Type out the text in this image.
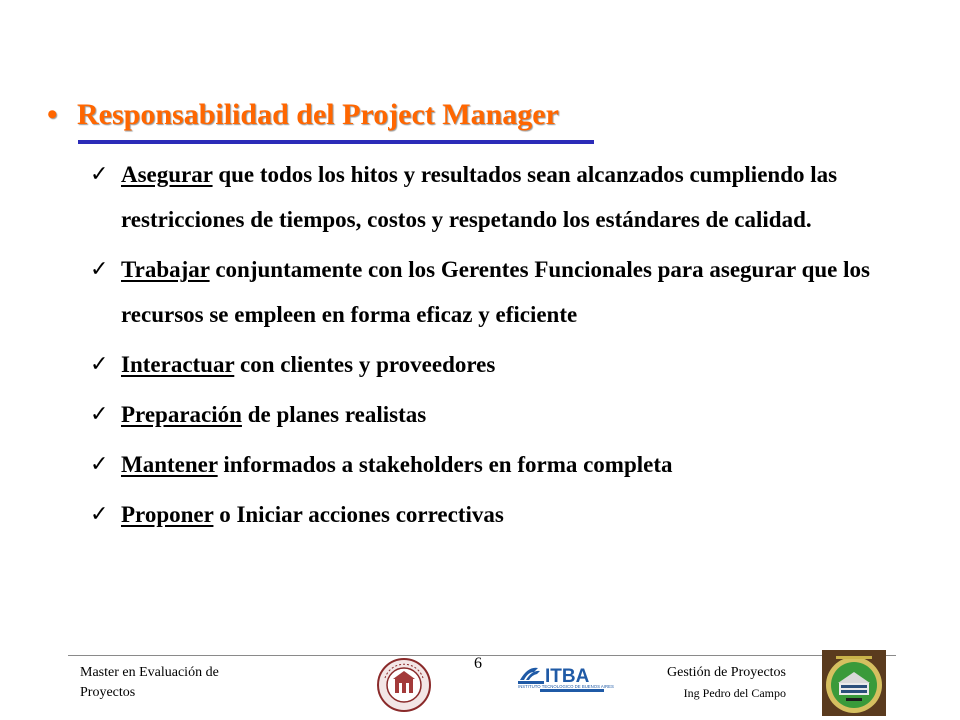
• Responsabilidad del Project Manager
✓ Asegurar que todos los hitos y resultados sean alcanzados cumpliendo las restricciones de tiempos, costos y respetando los estándares de calidad.
✓ Trabajar conjuntamente con los Gerentes Funcionales para asegurar que los recursos se empleen en forma eficaz y eficiente
✓ Interactuar con clientes y proveedores
✓ Preparación de planes realistas
✓ Mantener informados a stakeholders en forma completa
✓ Proponer o Iniciar acciones correctivas
Master en Evaluación de Proyectos
6
Gestión de Proyectos
Ing Pedro del Campo
ITBA
INSTITUTO TECNOLOGICO DE BUENOS AIRES
